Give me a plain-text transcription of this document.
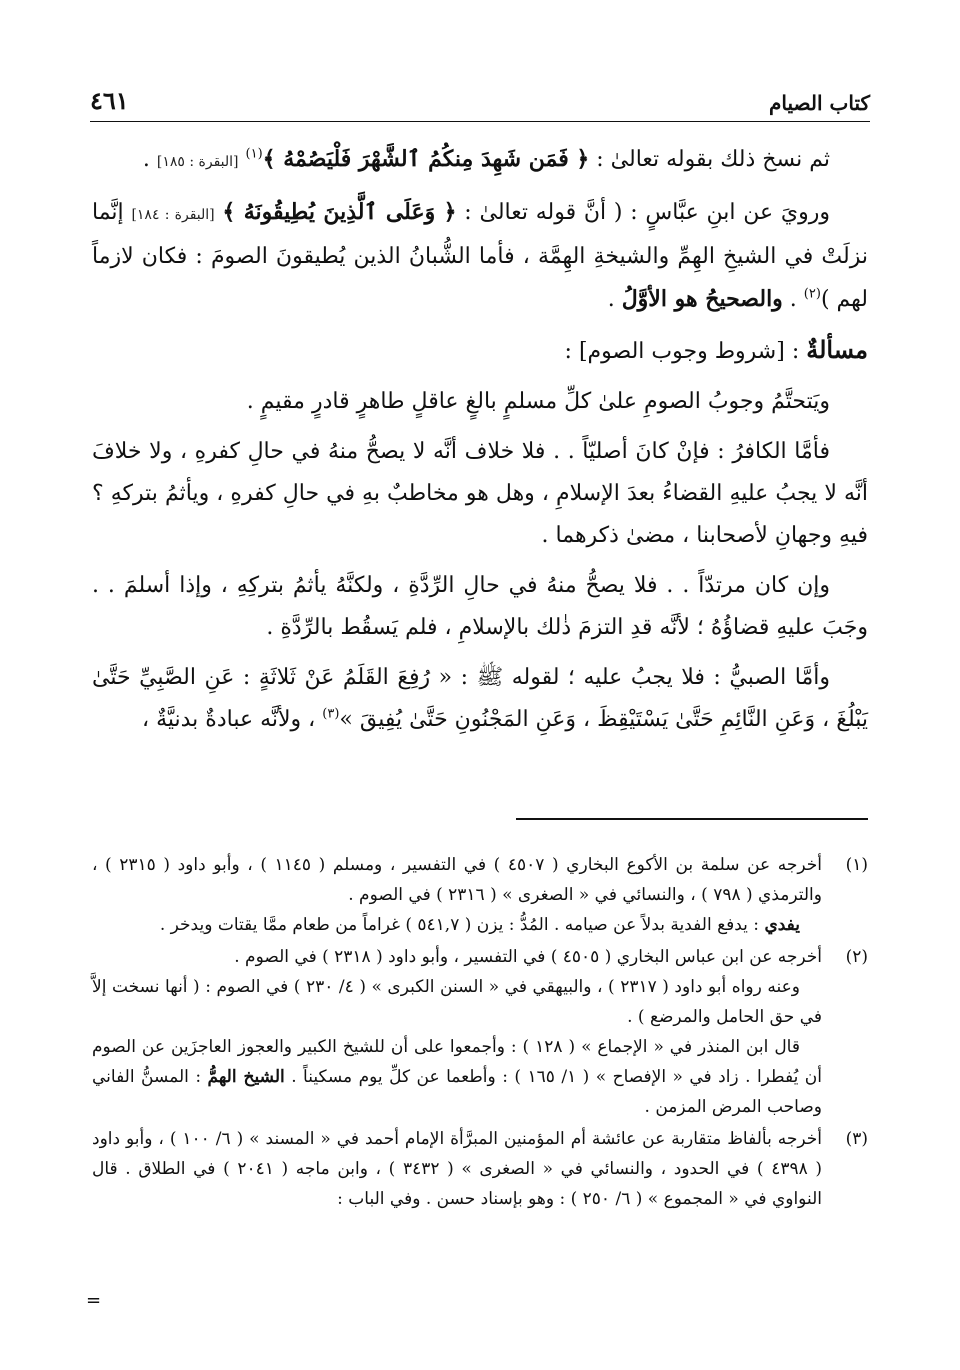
كتاب الصيام
٤٦١

ثم نسخ ذلك بقوله تعالىٰ : ﴿ فَمَن شَهِدَ مِنكُمُ ٱلشَّهْرَ فَلْيَصُمْهُ ﴾$^{(١)}$ [البقرة : ١٨٥] .

ورويَ عن ابنِ عبَّاسٍ : ( أنَّ قوله تعالىٰ : ﴿ وَعَلَى ٱلَّذِينَ يُطِيقُونَهُ ﴾ [البقرة : ١٨٤] إنَّما نزلَتْ في الشيخِ الهِمِّ والشيخةِ الهِمَّة ، فأما الشُّبانُ الذين يُطيقونَ الصومَ : فكان لازماً لهم )$^{(٢)}$ . والصحيحُ هو الأوَّلُ .

مسألةٌ : [شروط وجوب الصوم] :

ويَتحتَّمُ وجوبُ الصومِ علىٰ كلِّ مسلمٍ بالغٍ عاقلٍ طاهرٍ قادرٍ مقيمٍ .

فأمَّا الكافرُ : فإنْ كانَ أصليّاً . . فلا خلاف أنَّه لا يصحُّ منهُ في حالِ كفرهِ ، ولا خلافَ أنَّه لا يجبُ عليهِ القضاءُ بعدَ الإسلامِ ، وهل هو مخاطبٌ بهِ في حالِ كفرهِ ، ويأثمُ بتركهِ ؟ فيهِ وجهانِ لأصحابنا ، مضىٰ ذكرهما .

وإن كان مرتدّاً . . فلا يصحُّ منهُ في حالِ الرِّدَّةِ ، ولكنَّهُ يأثمُ بتركِهِ ، وإذا أسلمَ . . وجَبَ عليهِ قضاؤُهُ ؛ لأنَّه قدِ التزمَ ذٰلك بالإسلامِ ، فلم يَسقُط بالرِّدَّةِ .

وأمَّا الصبيُّ : فلا يجبُ عليه ؛ لقوله ﷺ : « رُفِعَ القَلَمُ عَنْ ثَلاثَةٍ : عَنِ الصَّبِيِّ حَتَّىٰ يَبْلُغَ ، وَعَنِ النَّائِمِ حَتَّىٰ يَسْتَيْقِظَ ، وَعَنِ المَجْنُونِ حَتَّىٰ يُفِيقَ »$^{(٣)}$ ، ولأنَّه عبادةٌ بدنيَّةٌ ،

(١)
أخرجه عن سلمة بن الأكوع البخاري ( ٤٥٠٧ ) في التفسير ، ومسلم ( ١١٤٥ ) ، وأبو داود ( ٢٣١٥ ) ، والترمذي ( ٧٩٨ ) ، والنسائي في « الصغرى » ( ٢٣١٦ ) في الصوم .
يفدي : يدفع الفدية بدلاً عن صيامه . المُدُّ : يزن ( ٥٤١,٧ ) غراماً من طعام ممَّا يقتات ويدخر .
(٢)
أخرجه عن ابن عباس البخاري ( ٤٥٠٥ ) في التفسير ، وأبو داود ( ٢٣١٨ ) في الصوم .
وعنه رواه أبو داود ( ٢٣١٧ ) ، والبيهقي في « السنن الكبرى » ( ٤/ ٢٣٠ ) في الصوم : ( أنها نسخت إلاَّ في حق الحامل والمرضع ) .
قال ابن المنذر في « الإجماع » ( ١٢٨ ) : وأجمعوا على أن للشيخ الكبير والعجوز العاجزَين عن الصوم أن يُفطرا . زاد في « الإفصاح » ( ١/ ١٦٥ ) : وأطعما عن كلِّ يوم مسكيناً . الشيخ الهمُّ : المسنُّ الفاني وصاحب المرض المزمن .
(٣)
أخرجه بألفاظ متقاربة عن عائشة أم المؤمنين المبرَّأة الإمام أحمد في « المسند » ( ٦/ ١٠٠ ) ، وأبو داود ( ٤٣٩٨ ) في الحدود ، والنسائي في « الصغرى » ( ٣٤٣٢ ) ، وابن ماجه ( ٢٠٤١ ) في الطلاق . قال النواوي في « المجموع » ( ٦/ ٢٥٠ ) : وهو بإسناد حسن . وفي الباب :
=
